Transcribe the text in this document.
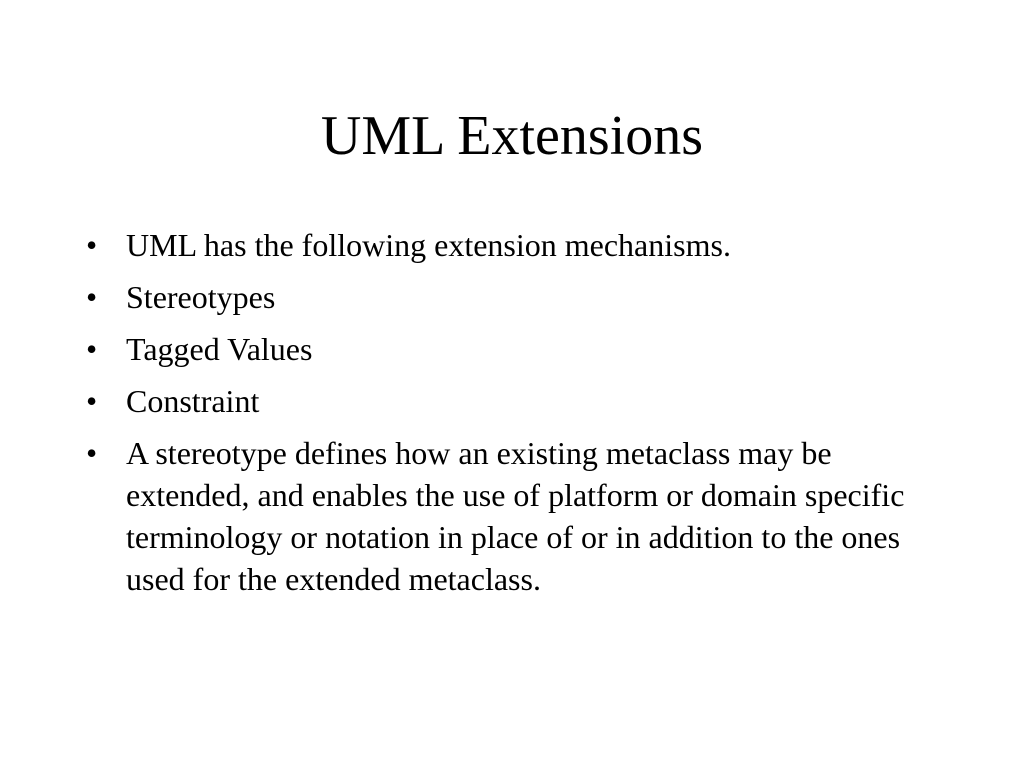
UML Extensions
• UML has the following extension mechanisms.
• Stereotypes
• Tagged Values
• Constraint
• A stereotype defines how an existing metaclass may be extended, and enables the use of platform or domain specific terminology or notation in place of or in addition to the ones used for the extended metaclass.
